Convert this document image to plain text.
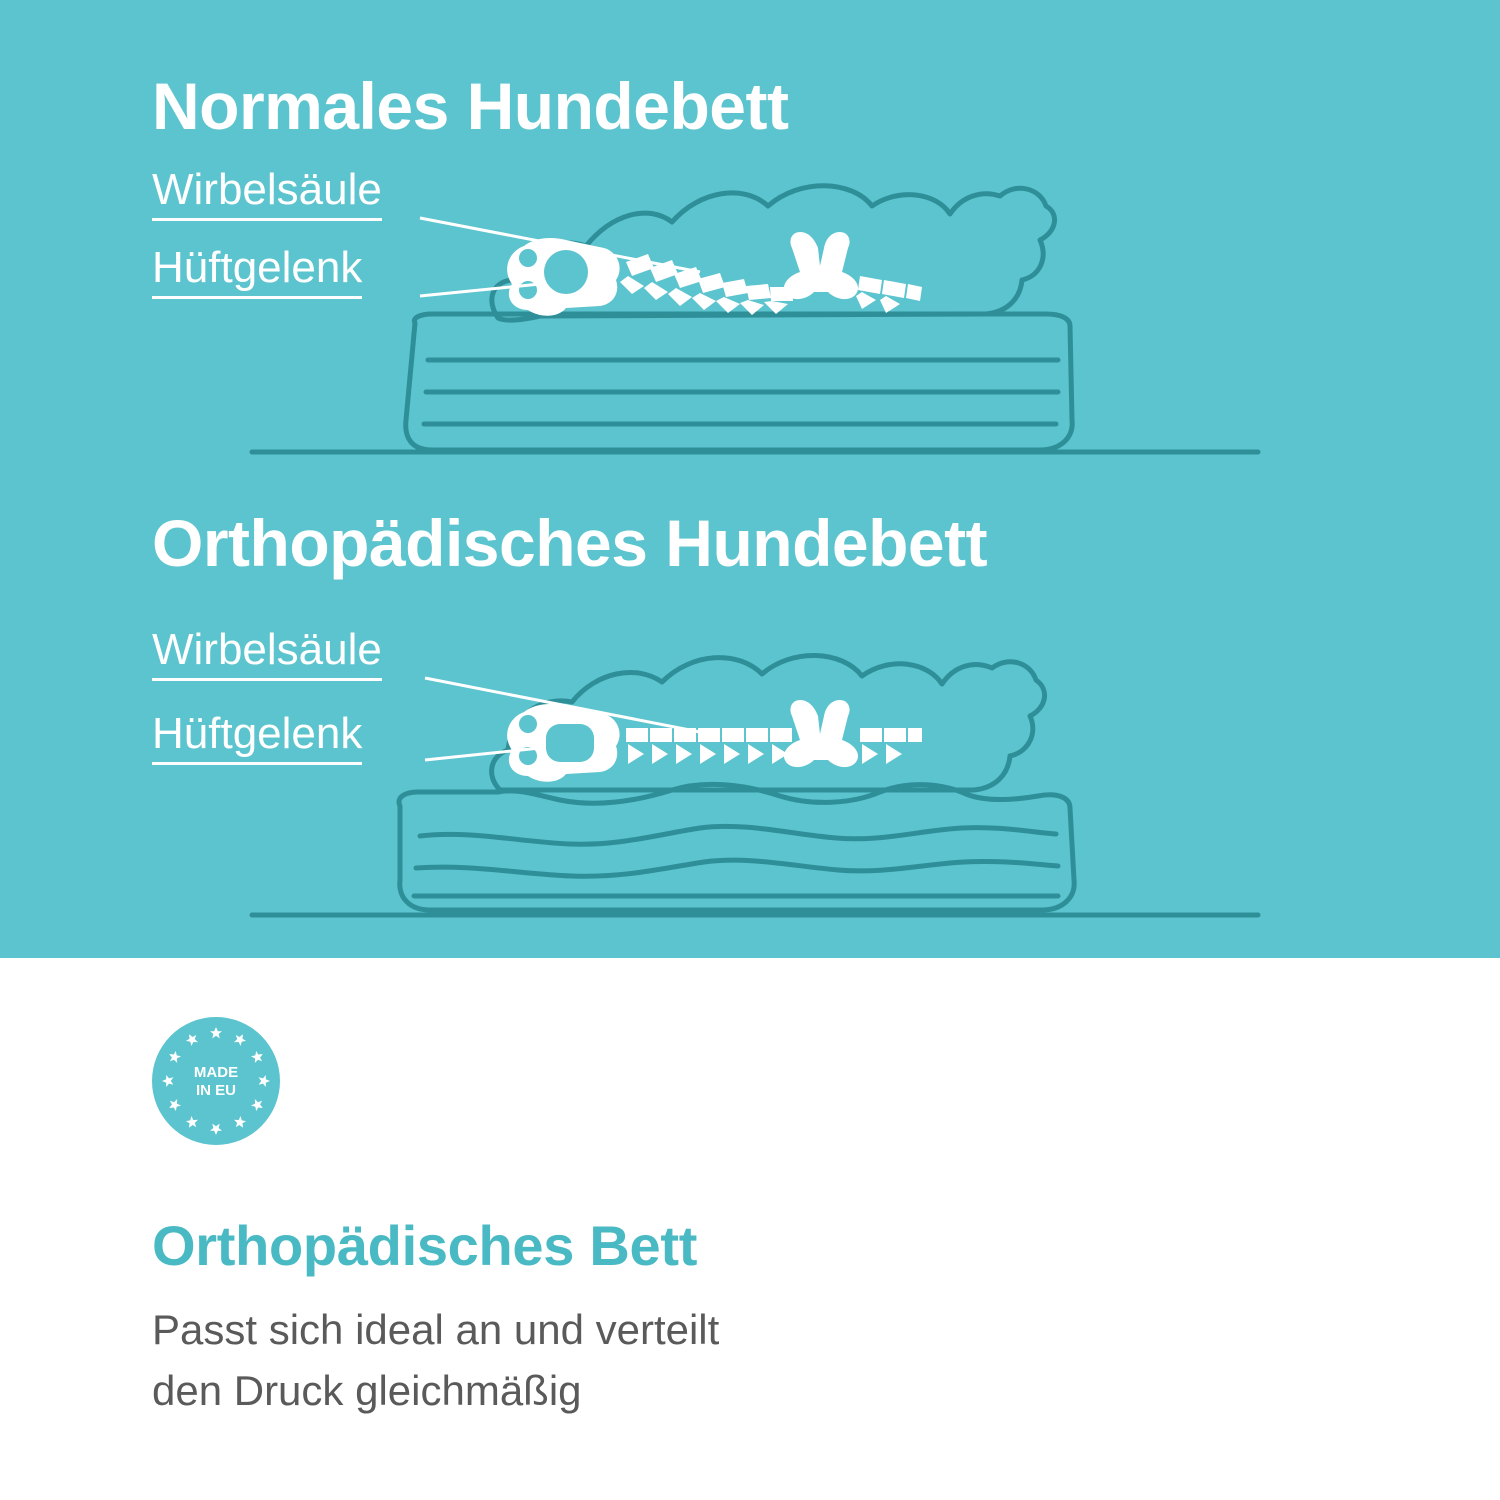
Normales Hundebett
Wirbelsäule
Hüftgelenk
Orthopädisches Hundebett
Wirbelsäule
Hüftgelenk
MADE
IN EU
Orthopädisches Bett
Passt sich ideal an und verteilt
den Druck gleichmäßig
